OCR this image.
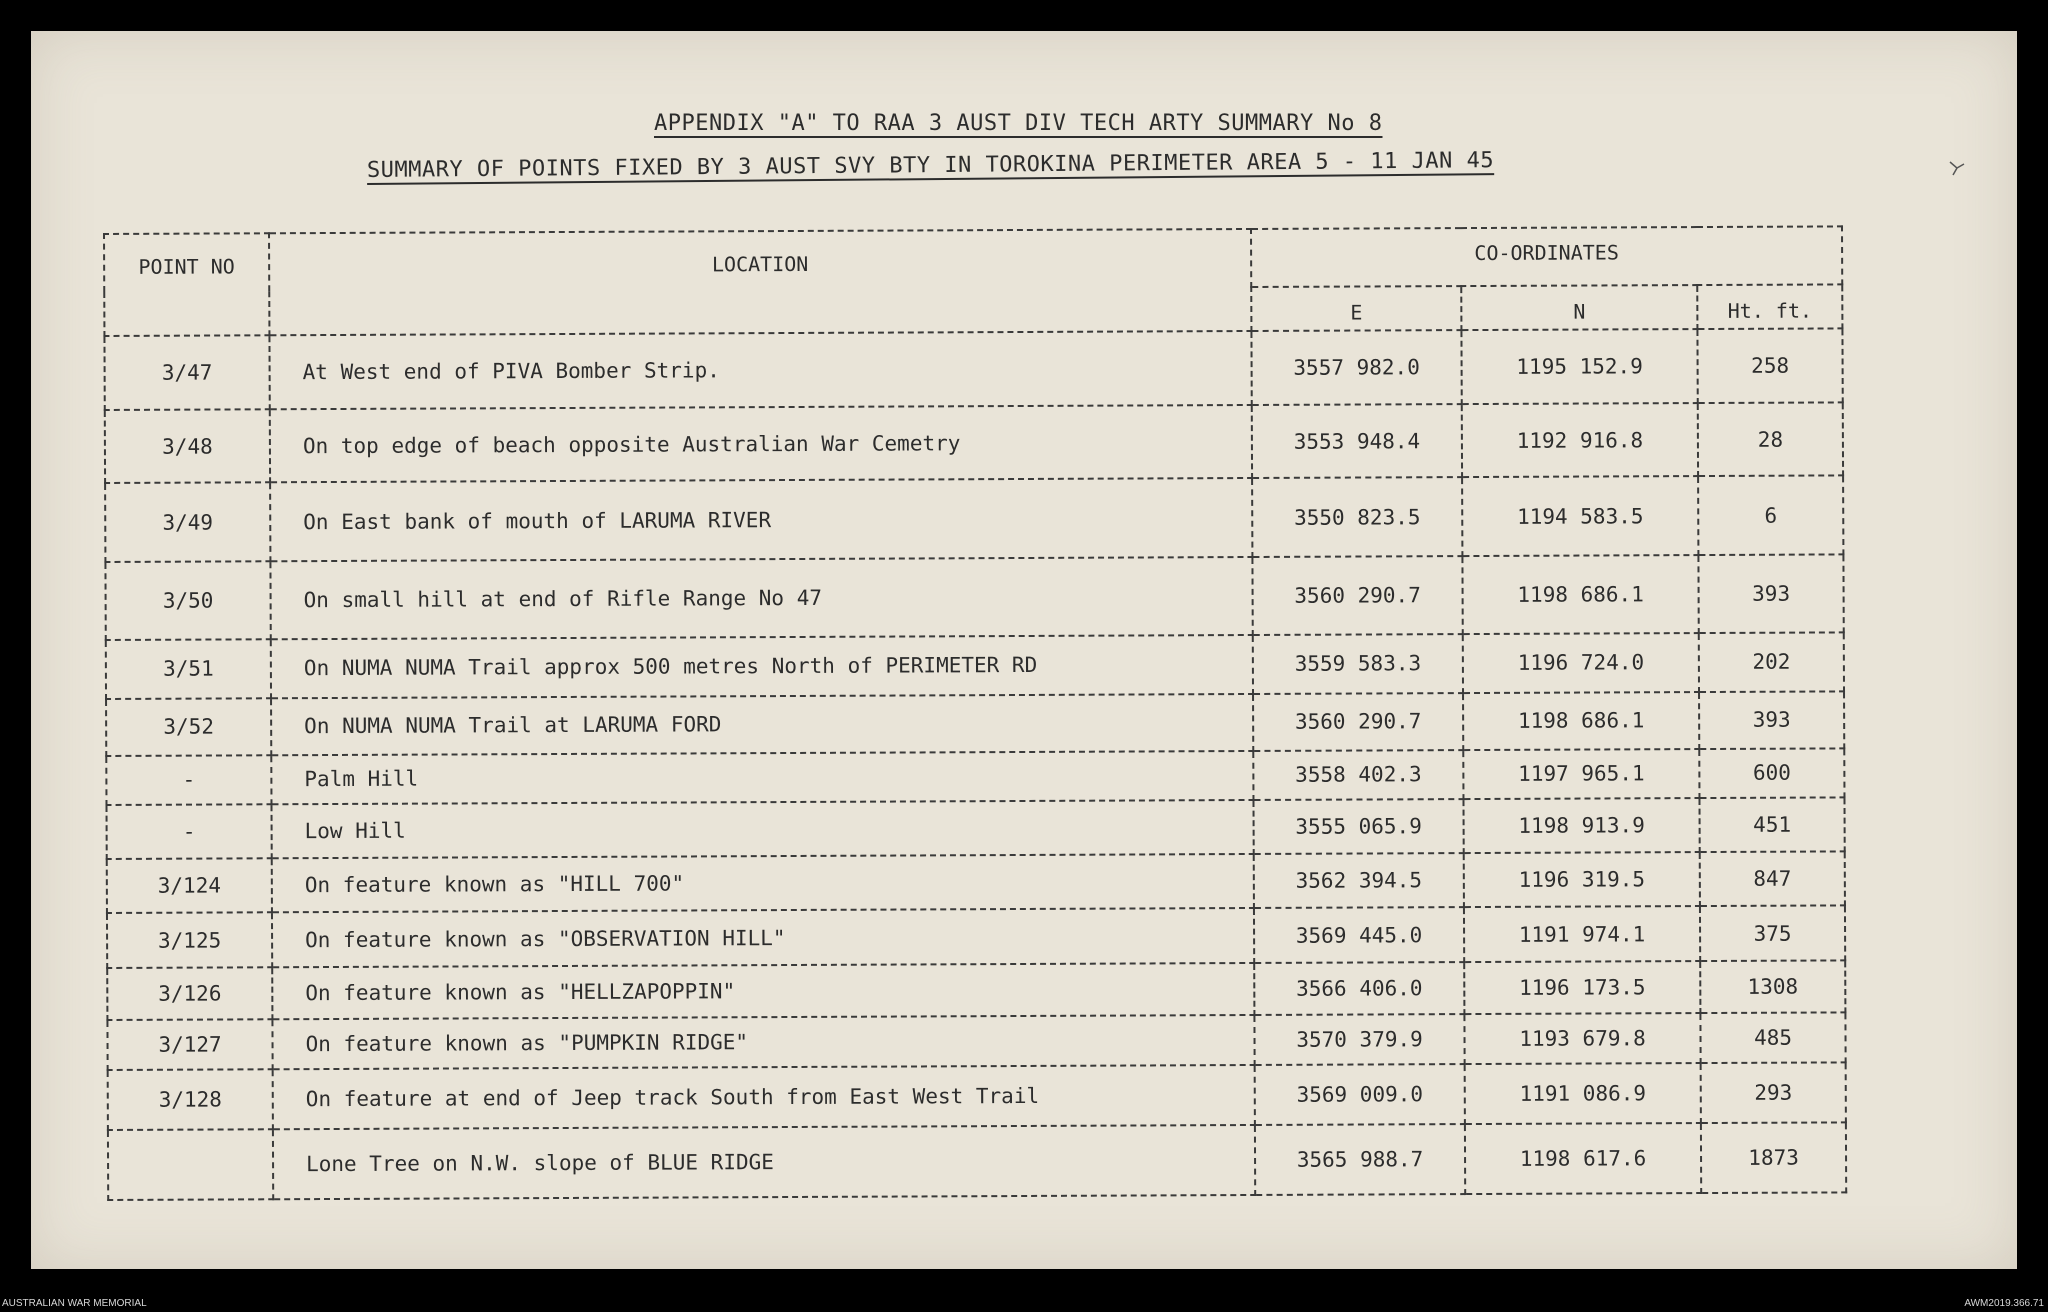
APPENDIX "A" TO RAA 3 AUST DIV TECH ARTY SUMMARY No 8
SUMMARY OF POINTS FIXED BY 3 AUST SVY BTY IN TOROKINA PERIMETER AREA 5 - 11 JAN 45
POINT NO	LOCATION	CO-ORDINATES		
		E	N	Ht. ft.
3/47	At West end of PIVA Bomber Strip.	3557 982.0	1195 152.9	258
3/48	On top edge of beach opposite Australian War Cemetry	3553 948.4	1192 916.8	28
3/49	On East bank of mouth of LARUMA RIVER	3550 823.5	1194 583.5	6
3/50	On small hill at end of Rifle Range No 47	3560 290.7	1198 686.1	393
3/51	On NUMA NUMA Trail approx 500 metres North of PERIMETER RD	3559 583.3	1196 724.0	202
3/52	On NUMA NUMA Trail at LARUMA FORD	3560 290.7	1198 686.1	393
-	Palm Hill	3558 402.3	1197 965.1	600
-	Low Hill	3555 065.9	1198 913.9	451
3/124	On feature known as "HILL 700"	3562 394.5	1196 319.5	847
3/125	On feature known as "OBSERVATION HILL"	3569 445.0	1191 974.1	375
3/126	On feature known as "HELLZAPOPPIN"	3566 406.0	1196 173.5	1308
3/127	On feature known as "PUMPKIN RIDGE"	3570 379.9	1193 679.8	485
3/128	On feature at end of Jeep track South from East West Trail	3569 009.0	1191 086.9	293
	Lone Tree on N.W. slope of BLUE RIDGE	3565 988.7	1198 617.6	1873
AUSTRALIAN WAR MEMORIAL	AWM2019.366.71
